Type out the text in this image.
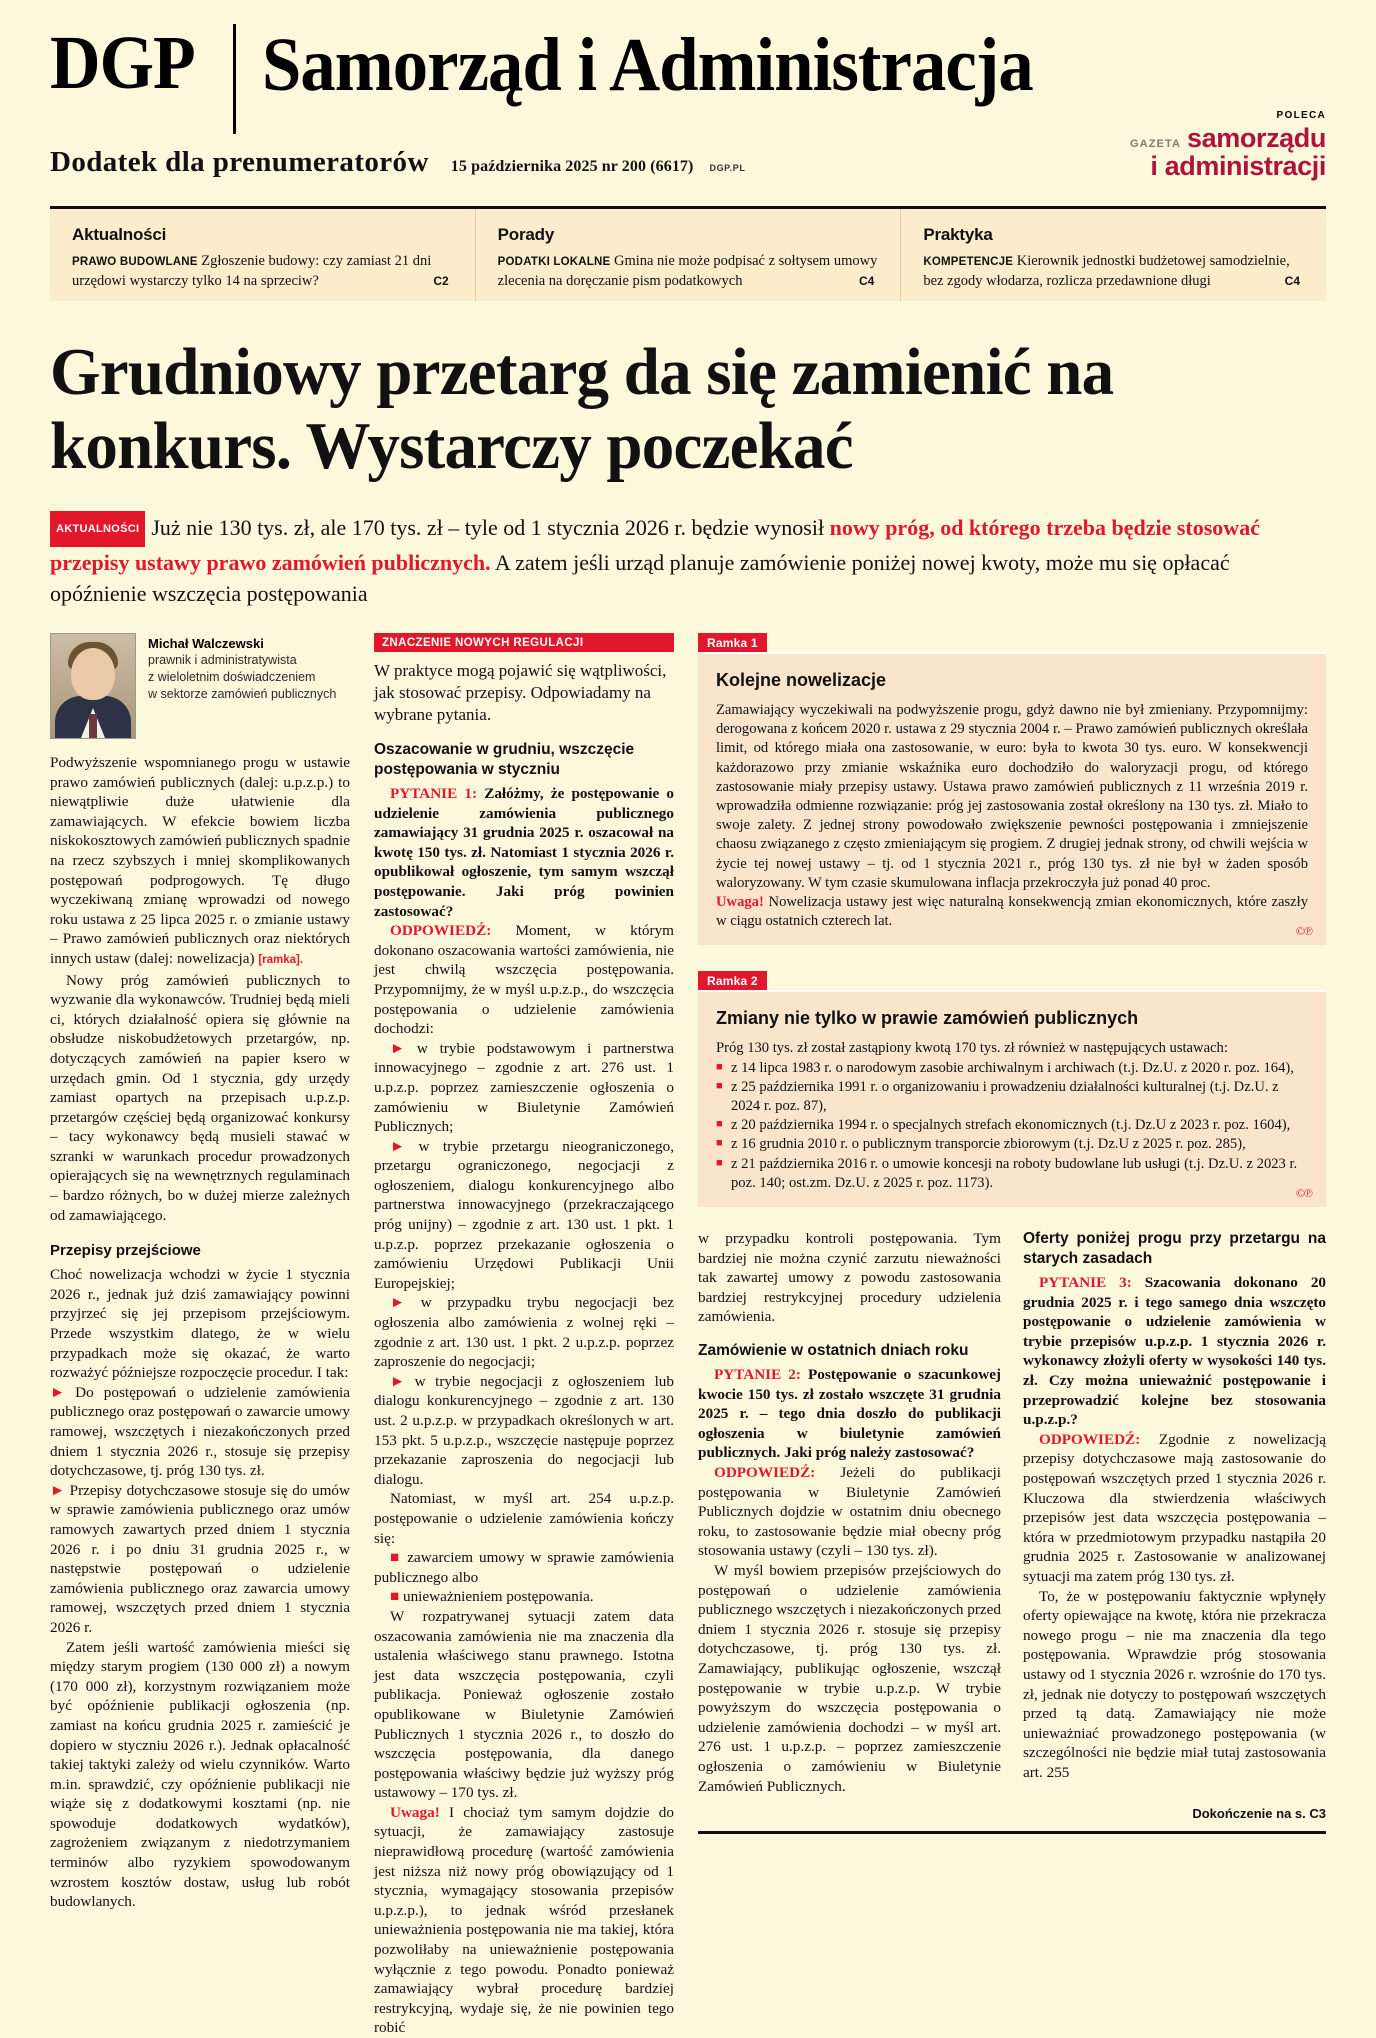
DGP Samorząd i Administracja
Dodatek dla prenumeratorów 15 października 2025 nr 200 (6617) DGP.PL
POLECA
GAZETA samorządu
i administracji
Aktualności

PRAWO BUDOWLANE Zgłoszenie budowy: czy zamiast 21 dni urzędowi wystarczy tylko 14 na sprzeciw?	C2

Porady

PODATKI LOKALNE Gmina nie może podpisać z sołtysem umowy zlecenia na doręczanie pism podatkowych	C4

Praktyka

KOMPETENCJE Kierownik jednostki budżetowej samodzielnie, bez zgody włodarza, rozlicza przedawnione długi	C4

Grudniowy przetarg da się zamienić na konkurs. Wystarczy poczekać
AKTUALNOŚCI Już nie 130 tys. zł, ale 170 tys. zł – tyle od 1 stycznia 2026 r. będzie wynosił nowy próg, od którego trzeba będzie stosować przepisy ustawy prawo zamówień publicznych. A zatem jeśli urząd planuje zamówienie poniżej nowej kwoty, może mu się opłacać opóźnienie wszczęcia postępowania
Michał Walczewski
prawnik i administratywista
z wieloletnim doświadczeniem
w sektorze zamówień publicznych

Podwyższenie wspomnianego progu w ustawie prawo zamówień publicznych (dalej: u.p.z.p.) to niewątpliwie duże ułatwienie dla zamawiających. W efekcie bowiem liczba niskokosztowych zamówień publicznych spadnie na rzecz szybszych i mniej skomplikowanych postępowań podprogowych. Tę długo wyczekiwaną zmianę wprowadzi od nowego roku ustawa z 25 lipca 2025 r. o zmianie ustawy – Prawo zamówień publicznych oraz niektórych innych ustaw (dalej: nowelizacja) [ramka].

Nowy próg zamówień publicznych to wyzwanie dla wykonawców. Trudniej będą mieli ci, których działalność opiera się głównie na obsłudze niskobudżetowych przetargów, np. dotyczących zamówień na papier ksero w urzędach gmin. Od 1 stycznia, gdy urzędy zamiast opartych na przepisach u.p.z.p. przetargów częściej będą organizować konkursy – tacy wykonawcy będą musieli stawać w szranki w warunkach procedur prowadzonych opierających się na wewnętrznych regulaminach – bardzo różnych, bo w dużej mierze zależnych od zamawiającego.

Przepisy przejściowe

Choć nowelizacja wchodzi w życie 1 stycznia 2026 r., jednak już dziś zamawiający powinni przyjrzeć się jej przepisom przejściowym. Przede wszystkim dlatego, że w wielu przypadkach może się okazać, że warto rozważyć późniejsze rozpoczęcie procedur. I tak:

► Do postępowań o udzielenie zamówienia publicznego oraz postępowań o zawarcie umowy ramowej, wszczętych i niezakończonych przed dniem 1 stycznia 2026 r., stosuje się przepisy dotychczasowe, tj. próg 130 tys. zł.

► Przepisy dotychczasowe stosuje się do umów w sprawie zamówienia publicznego oraz umów ramowych zawartych przed dniem 1 stycznia 2026 r. i po dniu 31 grudnia 2025 r., w następstwie postępowań o udzielenie zamówienia publicznego oraz zawarcia umowy ramowej, wszczętych przed dniem 1 stycznia 2026 r.

Zatem jeśli wartość zamówienia mieści się między starym progiem (130 000 zł) a nowym (170 000 zł), korzystnym rozwiązaniem może być opóźnienie publikacji ogłoszenia (np. zamiast na końcu grudnia 2025 r. zamieścić je dopiero w styczniu 2026 r.). Jednak opłacalność takiej taktyki zależy od wielu czynników. Warto m.in. sprawdzić, czy opóźnienie publikacji nie wiąże się z dodatkowymi kosztami (np. nie spowoduje dodatkowych wydatków), zagrożeniem związanym z niedotrzymaniem terminów albo ryzykiem spowodowanym wzrostem kosztów dostaw, usług lub robót budowlanych.

ZNACZENIE NOWYCH REGULACJI

W praktyce mogą pojawić się wątpliwości, jak stosować przepisy. Odpowiadamy na wybrane pytania.

Oszacowanie w grudniu, wszczęcie postępowania w styczniu

PYTANIE 1: Załóżmy, że postępowanie o udzielenie zamówienia publicznego zamawiający 31 grudnia 2025 r. oszacował na kwotę 150 tys. zł. Natomiast 1 stycznia 2026 r. opublikował ogłoszenie, tym samym wszczął postępowanie. Jaki próg powinien zastosować?

ODPOWIEDŹ: Moment, w którym dokonano oszacowania wartości zamówienia, nie jest chwilą wszczęcia postępowania. Przypomnijmy, że w myśl u.p.z.p., do wszczęcia postępowania o udzielenie zamówienia dochodzi:

► w trybie podstawowym i partnerstwa innowacyjnego – zgodnie z art. 276 ust. 1 u.p.z.p. poprzez zamieszczenie ogłoszenia o zamówieniu w Biuletynie Zamówień Publicznych;

► w trybie przetargu nieograniczonego, przetargu ograniczonego, negocjacji z ogłoszeniem, dialogu konkurencyjnego albo partnerstwa innowacyjnego (przekraczającego próg unijny) – zgodnie z art. 130 ust. 1 pkt. 1 u.p.z.p. poprzez przekazanie ogłoszenia o zamówieniu Urzędowi Publikacji Unii Europejskiej;

► w przypadku trybu negocjacji bez ogłoszenia albo zamówienia z wolnej ręki – zgodnie z art. 130 ust. 1 pkt. 2 u.p.z.p. poprzez zaproszenie do negocjacji;

► w trybie negocjacji z ogłoszeniem lub dialogu konkurencyjnego – zgodnie z art. 130 ust. 2 u.p.z.p. w przypadkach określonych w art. 153 pkt. 5 u.p.z.p., wszczęcie następuje poprzez przekazanie zaproszenia do negocjacji lub dialogu.

Natomiast, w myśl art. 254 u.p.z.p. postępowanie o udzielenie zamówienia kończy się:

■ zawarciem umowy w sprawie zamówienia publicznego albo

■ unieważnieniem postępowania.

W rozpatrywanej sytuacji zatem data oszacowania zamówienia nie ma znaczenia dla ustalenia właściwego stanu prawnego. Istotna jest data wszczęcia postępowania, czyli publikacja. Ponieważ ogłoszenie zostało opublikowane w Biuletynie Zamówień Publicznych 1 stycznia 2026 r., to doszło do wszczęcia postępowania, dla danego postępowania właściwy będzie już wyższy próg ustawowy – 170 tys. zł.

Uwaga! I chociaż tym samym dojdzie do sytuacji, że zamawiający zastosuje nieprawidłową procedurę (wartość zamówienia jest niższa niż nowy próg obowiązujący od 1 stycznia, wymagający stosowania przepisów u.p.z.p.), to jednak wśród przesłanek unieważnienia postępowania nie ma takiej, która pozwoliłaby na unieważnienie postępowania wyłącznie z tego powodu. Ponadto ponieważ zamawiający wybrał procedurę bardziej restrykcyjną, wydaje się, że nie powinien tego robić

Ramka 1
Kolejne nowelizacje

Zamawiający wyczekiwali na podwyższenie progu, gdyż dawno nie był zmieniany. Przypomnijmy: derogowana z końcem 2020 r. ustawa z 29 stycznia 2004 r. – Prawo zamówień publicznych określała limit, od którego miała ona zastosowanie, w euro: była to kwota 30 tys. euro. W konsekwencji każdorazowo przy zmianie wskaźnika euro dochodziło do waloryzacji progu, od którego zastosowanie miały przepisy ustawy. Ustawa prawo zamówień publicznych z 11 września 2019 r. wprowadziła odmienne rozwiązanie: próg jej zastosowania został określony na 130 tys. zł. Miało to swoje zalety. Z jednej strony powodowało zwiększenie pewności postępowania i zmniejszenie chaosu związanego z często zmieniającym się progiem. Z drugiej jednak strony, od chwili wejścia w życie tej nowej ustawy – tj. od 1 stycznia 2021 r., próg 130 tys. zł nie był w żaden sposób waloryzowany. W tym czasie skumulowana inflacja przekroczyła już ponad 40 proc.

Uwaga! Nowelizacja ustawy jest więc naturalną konsekwencją zmian ekonomicznych, które zaszły w ciągu ostatnich czterech lat.

©℗
Ramka 2
Zmiany nie tylko w prawie zamówień publicznych

Próg 130 tys. zł został zastąpiony kwotą 170 tys. zł również w następujących ustawach:

■ z 14 lipca 1983 r. o narodowym zasobie archiwalnym i archiwach (t.j. Dz.U. z 2020 r. poz. 164),
■ z 25 października 1991 r. o organizowaniu i prowadzeniu działalności kulturalnej (t.j. Dz.U. z 2024 r. poz. 87),
■ z 20 października 1994 r. o specjalnych strefach ekonomicznych (t.j. Dz.U z 2023 r. poz. 1604),
■ z 16 grudnia 2010 r. o publicznym transporcie zbiorowym (t.j. Dz.U z 2025 r. poz. 285),
■ z 21 października 2016 r. o umowie koncesji na roboty budowlane lub usługi (t.j. Dz.U. z 2023 r. poz. 140; ost.zm. Dz.U. z 2025 r. poz. 1173).
©℗

w przypadku kontroli postępowania. Tym bardziej nie można czynić zarzutu nieważności tak zawartej umowy z powodu zastosowania bardziej restrykcyjnej procedury udzielenia zamówienia.

Zamówienie w ostatnich dniach roku

PYTANIE 2: Postępowanie o szacunkowej kwocie 150 tys. zł zostało wszczęte 31 grudnia 2025 r. – tego dnia doszło do publikacji ogłoszenia w biuletynie zamówień publicznych. Jaki próg należy zastosować?

ODPOWIEDŹ: Jeżeli do publikacji postępowania w Biuletynie Zamówień Publicznych dojdzie w ostatnim dniu obecnego roku, to zastosowanie będzie miał obecny próg stosowania ustawy (czyli – 130 tys. zł).

W myśl bowiem przepisów przejściowych do postępowań o udzielenie zamówienia publicznego wszczętych i niezakończonych przed dniem 1 stycznia 2026 r. stosuje się przepisy dotychczasowe, tj. próg 130 tys. zł. Zamawiający, publikując ogłoszenie, wszczął postępowanie w trybie u.p.z.p. W trybie powyższym do wszczęcia postępowania o udzielenie zamówienia dochodzi – w myśl art. 276 ust. 1 u.p.z.p. – poprzez zamieszczenie ogłoszenia o zamówieniu w Biuletynie Zamówień Publicznych.

Oferty poniżej progu przy przetargu na starych zasadach

PYTANIE 3: Szacowania dokonano 20 grudnia 2025 r. i tego samego dnia wszczęto postępowanie o udzielenie zamówienia w trybie przepisów u.p.z.p. 1 stycznia 2026 r. wykonawcy złożyli oferty w wysokości 140 tys. zł. Czy można unieważnić postępowanie i przeprowadzić kolejne bez stosowania u.p.z.p.?

ODPOWIEDŹ: Zgodnie z nowelizacją przepisy dotychczasowe mają zastosowanie do postępowań wszczętych przed 1 stycznia 2026 r. Kluczowa dla stwierdzenia właściwych przepisów jest data wszczęcia postępowania – która w przedmiotowym przypadku nastąpiła 20 grudnia 2025 r. Zastosowanie w analizowanej sytuacji ma zatem próg 130 tys. zł.

To, że w postępowaniu faktycznie wpłynęły oferty opiewające na kwotę, która nie przekracza nowego progu – nie ma znaczenia dla tego postępowania. Wprawdzie próg stosowania ustawy od 1 stycznia 2026 r. wzrośnie do 170 tys. zł, jednak nie dotyczy to postępowań wszczętych przed tą datą. Zamawiający nie może unieważniać prowadzonego postępowania (w szczególności nie będzie miał tutaj zastosowania art. 255

Dokończenie na s. C3
